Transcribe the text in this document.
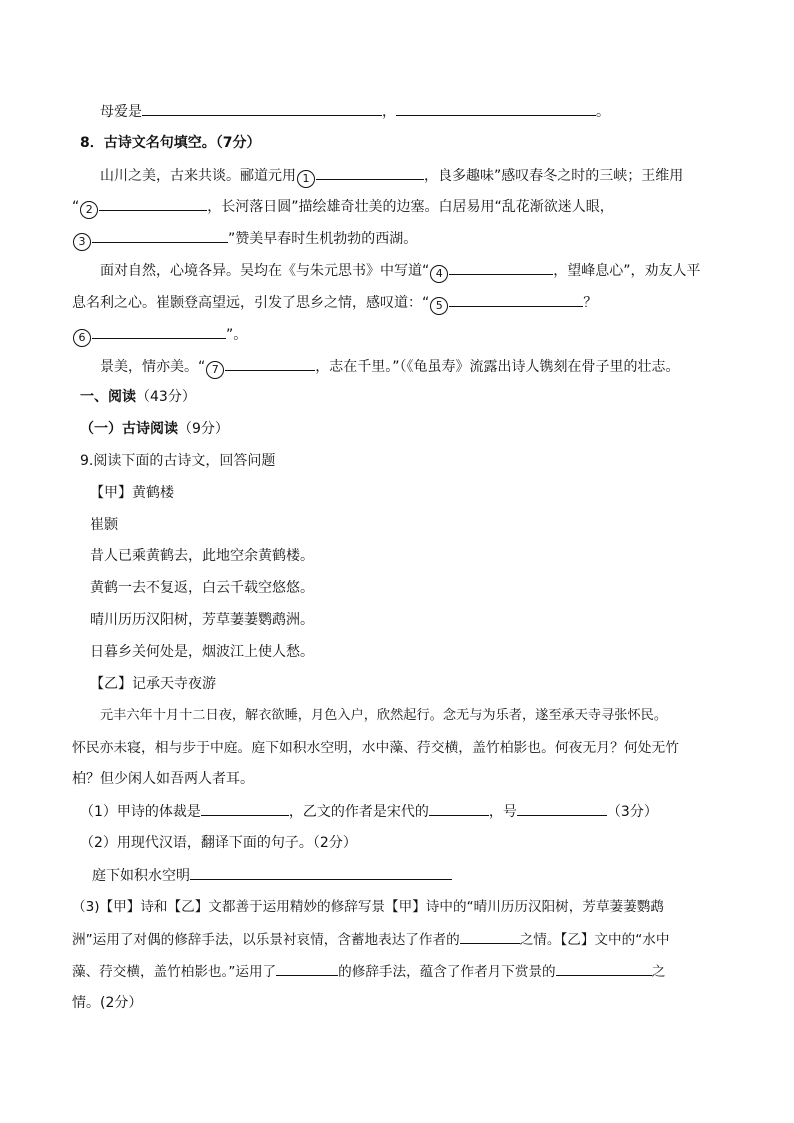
母爱是	，	。
8．古诗文名句填空。（7分）
山川之美，古来共谈。郦道元用 1	，良多趣味”感叹春冬之时的三峡；王维用
“ 2	，长河落日圆”描绘雄奇壮美的边塞。白居易用“乱花渐欲迷人眼，
3	”赞美早春时生机勃勃的西湖。
面对自然，心境各异。吴均在《与朱元思书》中写道“ 4	，望峰息心”，劝友人平
息名利之心。崔颢登高望远，引发了思乡之情，感叹道：“ 5	？
6	”。
景美，情亦美。“ 7	，志在千里。”（《龟虽寿》流露出诗人镌刻在骨子里的壮志。
一、阅读（43分）
（一）古诗阅读（9分）
9.阅读下面的古诗文，回答问题
【甲】黄鹤楼
崔颢
昔人已乘黄鹤去，此地空余黄鹤楼。
黄鹤一去不复返，白云千载空悠悠。
晴川历历汉阳树，芳草萋萋鹦鹉洲。
日暮乡关何处是，烟波江上使人愁。
【乙】记承天寺夜游
元丰六年十月十二日夜，解衣欲睡，月色入户，欣然起行。念无与为乐者，遂至承天寺寻张怀民。
怀民亦未寝，相与步于中庭。庭下如积水空明，水中藻、荇交横，盖竹柏影也。何夜无月？何处无竹
柏？但少闲人如吾两人者耳。
（1）甲诗的体裁是	，乙文的作者是宋代的	，号	（3分）
（2）用现代汉语，翻译下面的句子。（2分）
庭下如积水空明
（3)【甲】诗和【乙】文都善于运用精妙的修辞写景【甲】诗中的“晴川历历汉阳树，芳草萋萋鹦鹉
洲”运用了对偶的修辞手法，以乐景衬哀情，含蓄地表达了作者的	之情。【乙】文中的“水中
藻、荇交横，盖竹柏影也。”运用了	的修辞手法，蕴含了作者月下赏景的	之
情。(2分）
